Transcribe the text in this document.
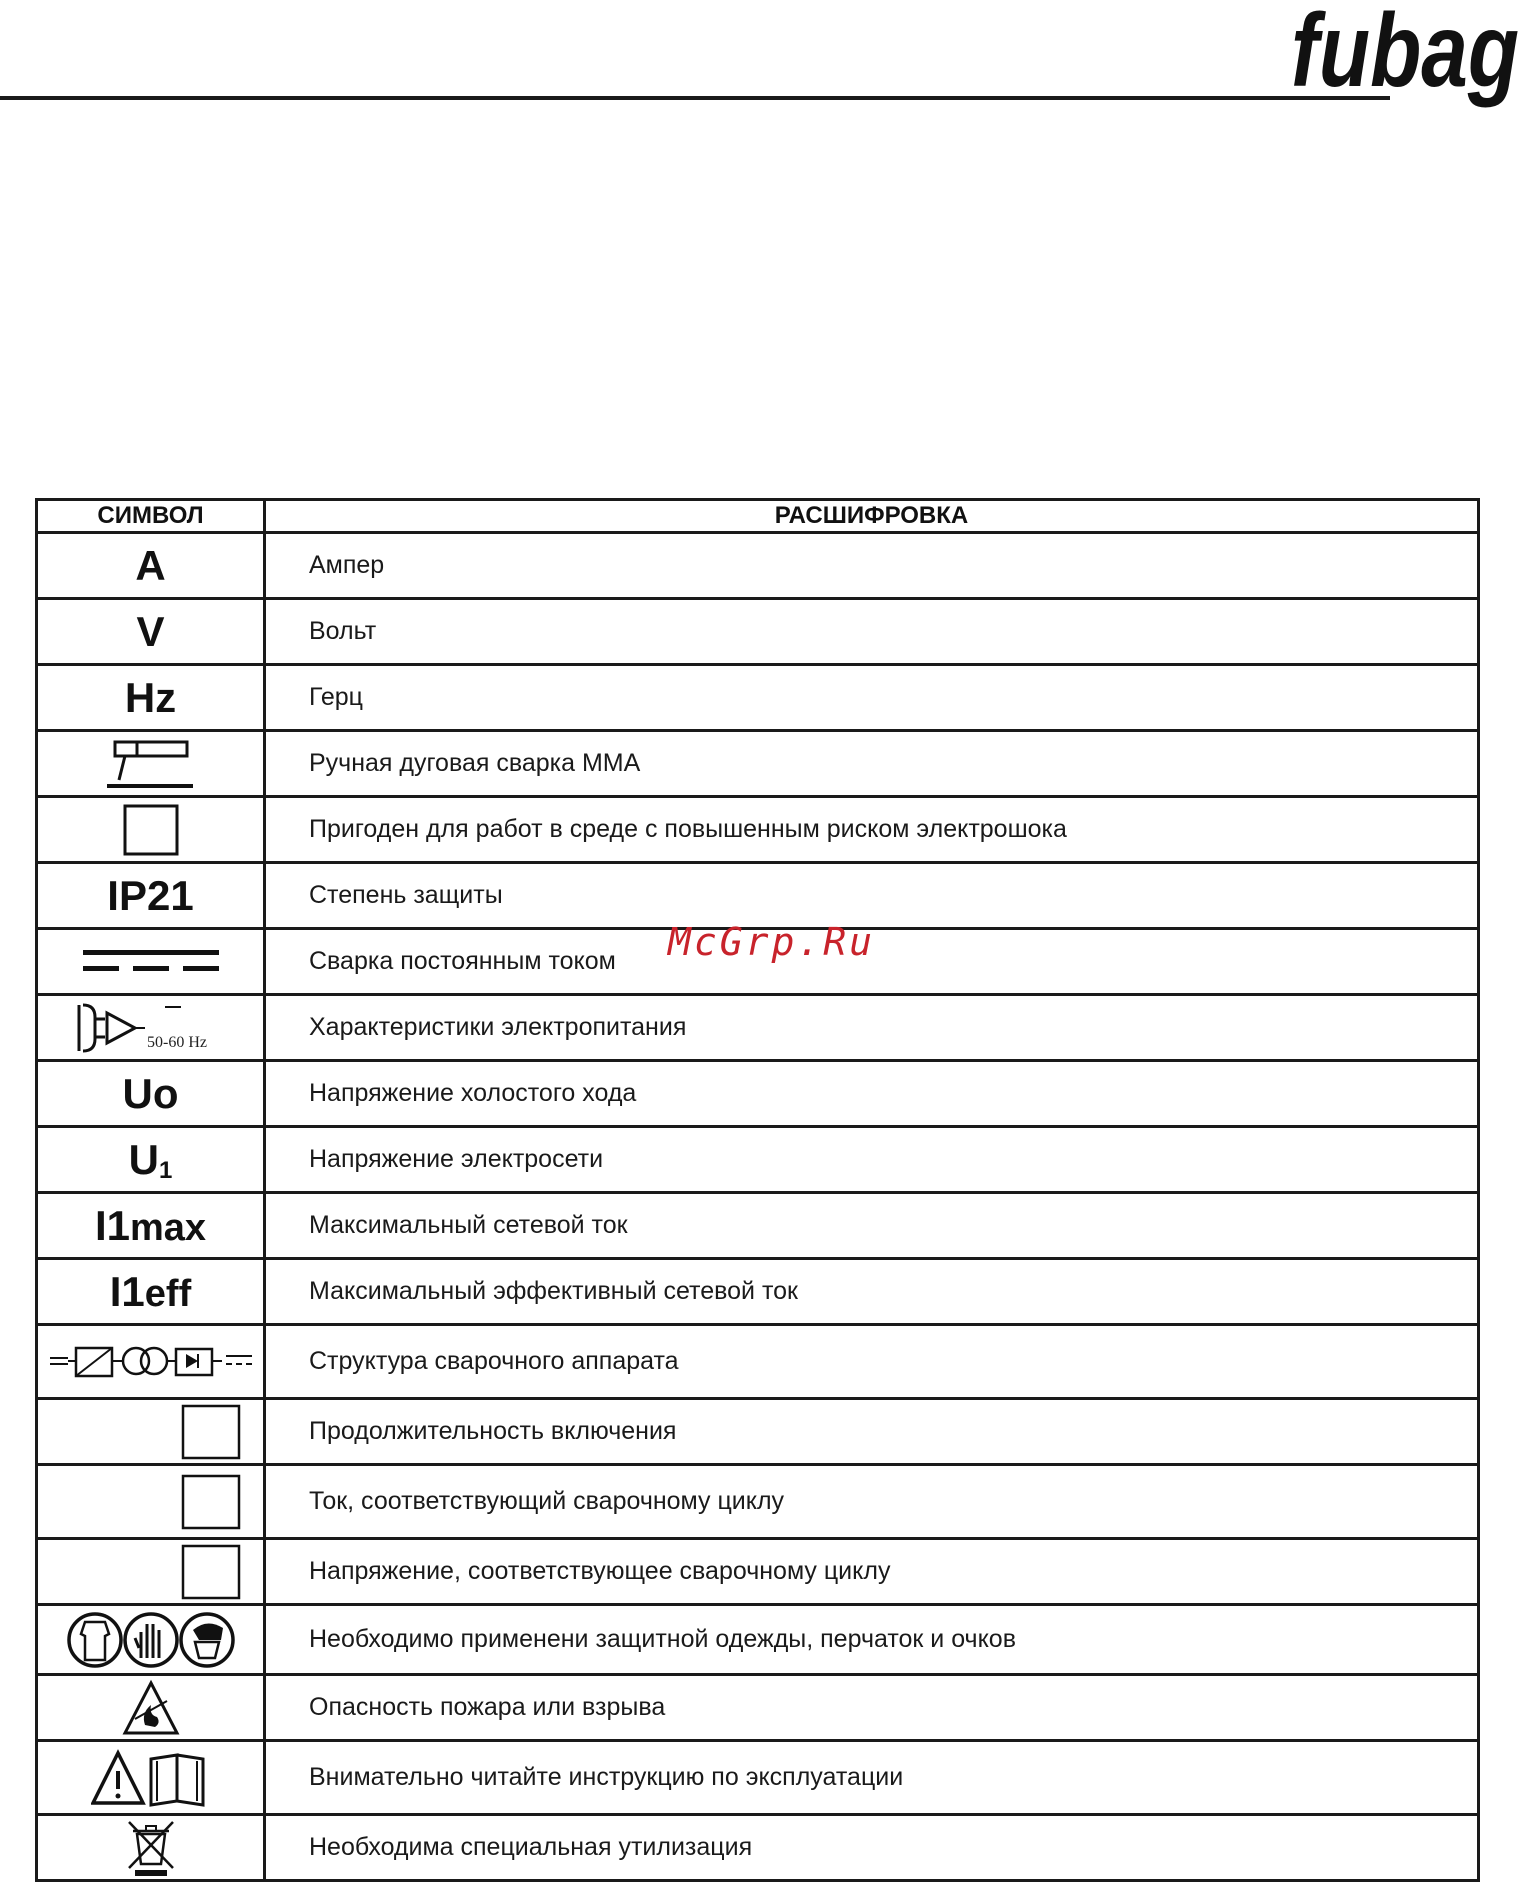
fubag
СИМВОЛ	РАСШИФРОВКА
A	Ампер
V	Вольт
Hz	Герц
	Ручная дуговая сварка MMA
	Пригоден для работ в среде с повышенным риском электрошока
IP21	Степень защиты
	Сварка постоянным током

50-60 Hz	Характеристики электропитания
Uo	Напряжение холостого хода
$U_1$	Напряжение электросети
I1max	Максимальный сетевой ток
I1eff	Максимальный эффективный сетевой ток
	Структура сварочного аппарата
	Продолжительность включения
	Ток, соответствующий сварочному циклу
	Напряжение, соответствующее сварочному циклу
	Необходимо применени защитной одежды, перчаток и очков
	Опасность пожара или взрыва
	Внимательно читайте инструкцию по эксплуатации
	Необходима специальная утилизация
McGrp.Ru
